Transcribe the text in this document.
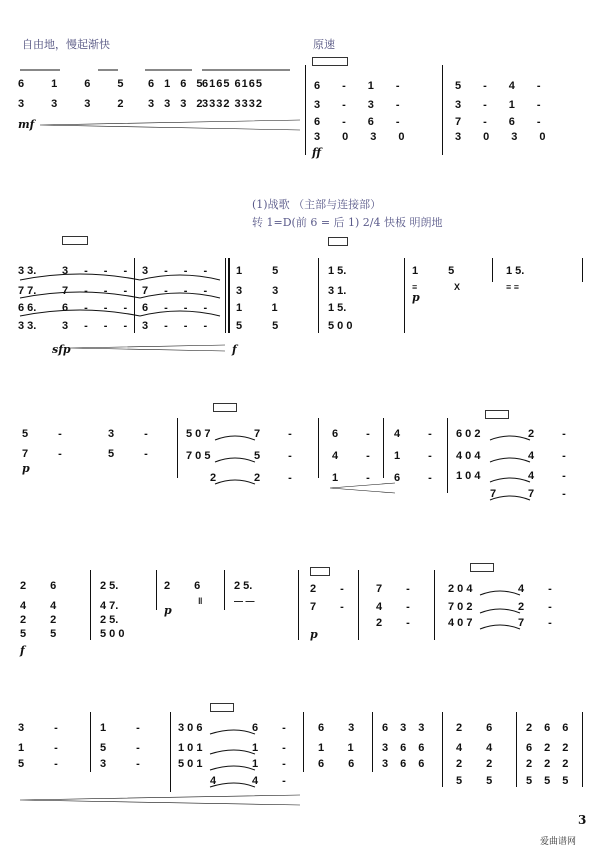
自由地，慢起渐快	原速
6165
6165
6165 6165
3332
3332
3332 3332
mf
6-1-
3-3-
6-6-
3030
5-4-
3-1-
7-6-
3030
ff
(1)战歌 （主部与连接部）
转 1=D(前 6 = 后 1) 2/4 快板 明朗地
3 3.
7 7.
6 6.
3 3.
3---
7---
6---
3---
3---
7---
6---
3---
15
33
11
55
1 5.
3 1.
1 5.
5 0 0
15
X
≡
1 5.
≡ ≡
sfp	f
p
5-
7-
3-
5-
5 0 7
7 0 5
2
7-
5-
2-
6-
4-
1-
4-
1-
6-
6 0 2
4 0 4
1 0 4
7
2-
4-
4-
7-
p
26
44
22
55
2 5.
4 7.
2 5.
5 0 0
26
‖
2 5.
— —
2-
7-
7-
4-
2-
2 0 4
7 0 2
4 0 7
4-
2-
7-
f
p
p
3-
1-
5-
1-
5-
3-
3 0 6
1 0 1
5 0 1
4
6-
1-
1-
4-
63
11
66
633
366
366
26
44
22
55
266
622
222
555
3
爱曲谱网
